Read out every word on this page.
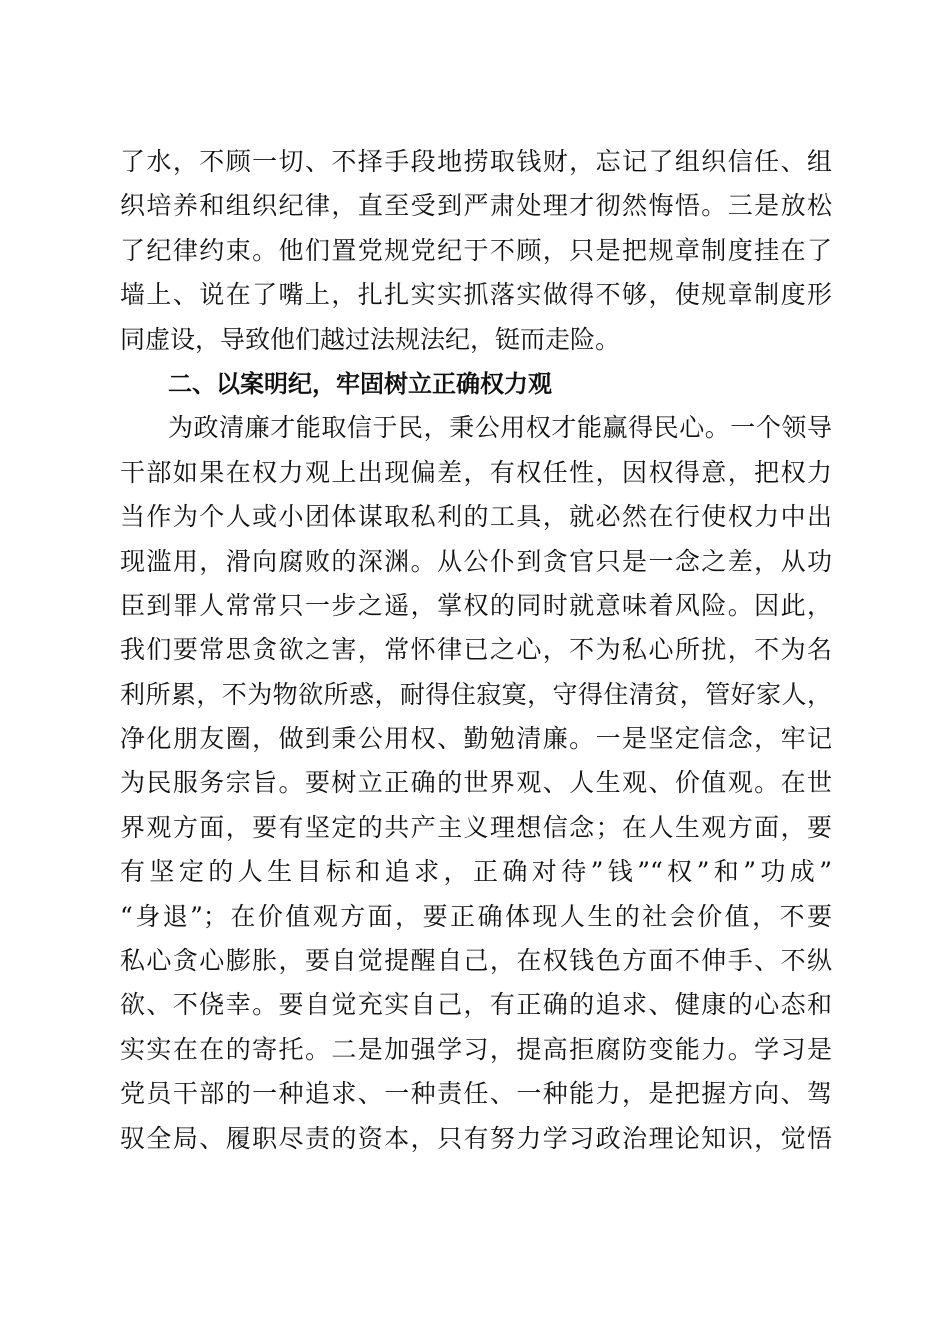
了水，不顾一切、不择手段地捞取钱财，忘记了组织信任、组
织培养和组织纪律，直至受到严肃处理才彻然悔悟。三是放松
了纪律约束。他们置党规党纪于不顾，只是把规章制度挂在了
墙上、说在了嘴上，扎扎实实抓落实做得不够，使规章制度形
同虚设，导致他们越过法规法纪，铤而走险。
二、以案明纪，牢固树立正确权力观
为政清廉才能取信于民，秉公用权才能赢得民心。一个领导
干部如果在权力观上出现偏差，有权任性，因权得意，把权力
当作为个人或小团体谋取私利的工具，就必然在行使权力中出
现滥用，滑向腐败的深渊。从公仆到贪官只是一念之差，从功
臣到罪人常常只一步之遥，掌权的同时就意味着风险。因此，
我们要常思贪欲之害，常怀律已之心，不为私心所扰，不为名
利所累，不为物欲所惑，耐得住寂寞，守得住清贫，管好家人，
净化朋友圈，做到秉公用权、勤勉清廉。一是坚定信念，牢记
为民服务宗旨。要树立正确的世界观、人生观、价值观。在世
界观方面，要有坚定的共产主义理想信念；在人生观方面，要
有坚定的人生目标和追求，正确对待”钱”“权”和”功成”
“身退”；在价值观方面，要正确体现人生的社会价值，不要
私心贪心膨胀，要自觉提醒自己，在权钱色方面不伸手、不纵
欲、不侥幸。要自觉充实自己，有正确的追求、健康的心态和
实实在在的寄托。二是加强学习，提高拒腐防变能力。学习是
党员干部的一种追求、一种责任、一种能力，是把握方向、驾
驭全局、履职尽责的资本，只有努力学习政治理论知识，觉悟
